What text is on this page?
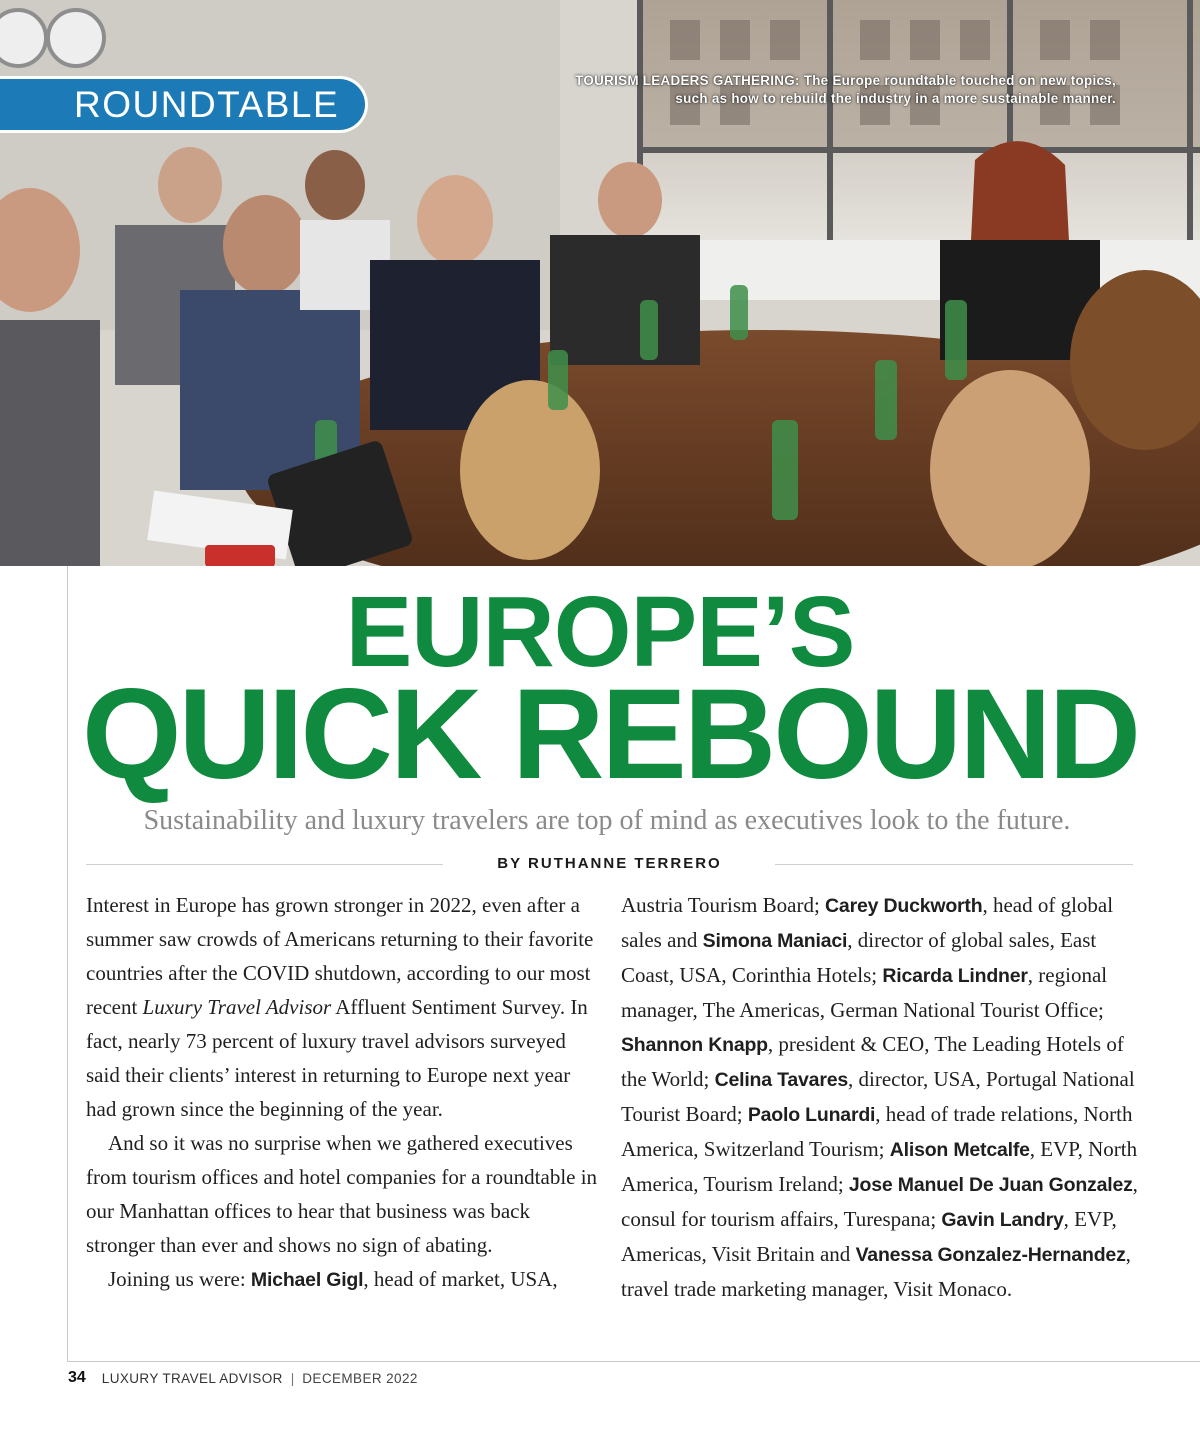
ROUNDTABLE
TOURISM LEADERS GATHERING: The Europe roundtable touched on new topics, such as how to rebuild the industry in a more sustainable manner.
EUROPE’S
QUICK REBOUND
Sustainability and luxury travelers are top of mind as executives look to the future.
BY RUTHANNE TERRERO

Interest in Europe has grown stronger in 2022, even after a summer saw crowds of Americans returning to their favorite countries after the COVID shutdown, according to our most recent Luxury Travel Advisor Affluent Sentiment Survey. In fact, nearly 73 percent of luxury travel advisors surveyed said their clients’ interest in returning to Europe next year had grown since the beginning of the year.

And so it was no surprise when we gathered executives from tourism offices and hotel companies for a roundtable in our Manhattan offices to hear that business was back stronger than ever and shows no sign of abating.

Joining us were: Michael Gigl, head of market, USA,

Austria Tourism Board; Carey Duckworth, head of global sales and Simona Maniaci, director of global sales, East Coast, USA, Corinthia Hotels; Ricarda Lindner, regional manager, The Americas, German National Tourist Office; Shannon Knapp, president & CEO, The Leading Hotels of the World; Celina Tavares, director, USA, Portugal National Tourist Board; Paolo Lunardi, head of trade relations, North America, Switzerland Tourism; Alison Metcalfe, EVP, North America, Tourism Ireland; Jose Manuel De Juan Gonzalez, consul for tourism affairs, Turespana; Gavin Landry, EVP, Americas, Visit Britain and Vanessa Gonzalez-Hernandez, travel trade marketing manager, Visit Monaco.

34 LUXURY TRAVEL ADVISOR | DECEMBER 2022
